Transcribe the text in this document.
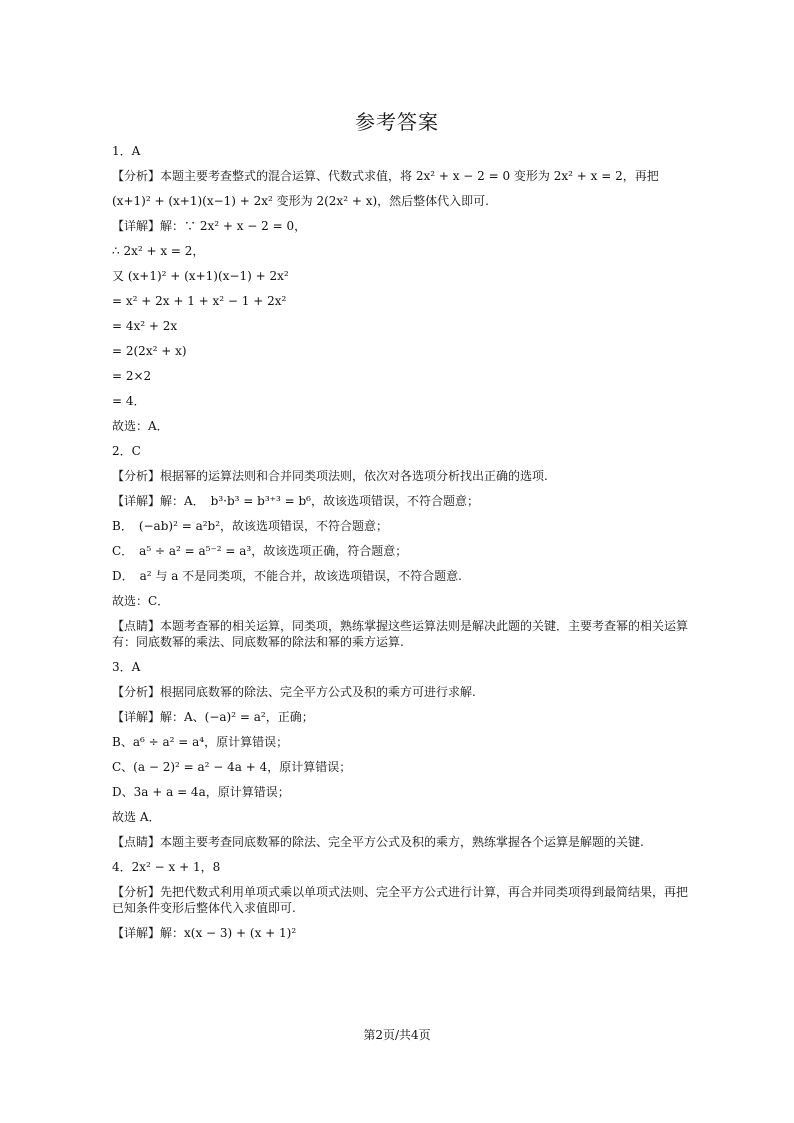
参考答案
1．A
【分析】本题主要考查整式的混合运算、代数式求值，将 2x² + x − 2 = 0 变形为 2x² + x = 2，再把
(x+1)² + (x+1)(x−1) + 2x² 变形为 2(2x² + x)，然后整体代入即可.
【详解】解：∵ 2x² + x − 2 = 0，
∴ 2x² + x = 2，
又 (x+1)² + (x+1)(x−1) + 2x²
= x² + 2x + 1 + x² − 1 + 2x²
= 4x² + 2x
= 2(2x² + x)
= 2×2
= 4．
故选：A．
2．C
【分析】根据幂的运算法则和合并同类项法则，依次对各选项分析找出正确的选项.
【详解】解：A．　b³·b³ = b³⁺³ = b⁶，故该选项错误，不符合题意；
B．　(−ab)² = a²b²，故该选项错误，不符合题意；
C．　a⁵ ÷ a² = a⁵⁻² = a³，故该选项正确，符合题意；
D．　a² 与 a 不是同类项，不能合并，故该选项错误，不符合题意.
故选：C．
【点睛】本题考查幂的相关运算，同类项，熟练掌握这些运算法则是解决此题的关键．主要考查幂的相关运算有：同底数幂的乘法、同底数幂的除法和幂的乘方运算.
3．A
【分析】根据同底数幂的除法、完全平方公式及积的乘方可进行求解.
【详解】解：A、(−a)² = a²，正确；
B、a⁶ ÷ a² = a⁴，原计算错误；
C、(a − 2)² = a² − 4a + 4，原计算错误；
D、3a + a = 4a，原计算错误；
故选 A．
【点睛】本题主要考查同底数幂的除法、完全平方公式及积的乘方，熟练掌握各个运算是解题的关键.
4．2x² − x + 1，8
【分析】先把代数式利用单项式乘以单项式法则、完全平方公式进行计算，再合并同类项得到最简结果，再把已知条件变形后整体代入求值即可.
【详解】解：x(x − 3) + (x + 1)²
第2页/共4页
